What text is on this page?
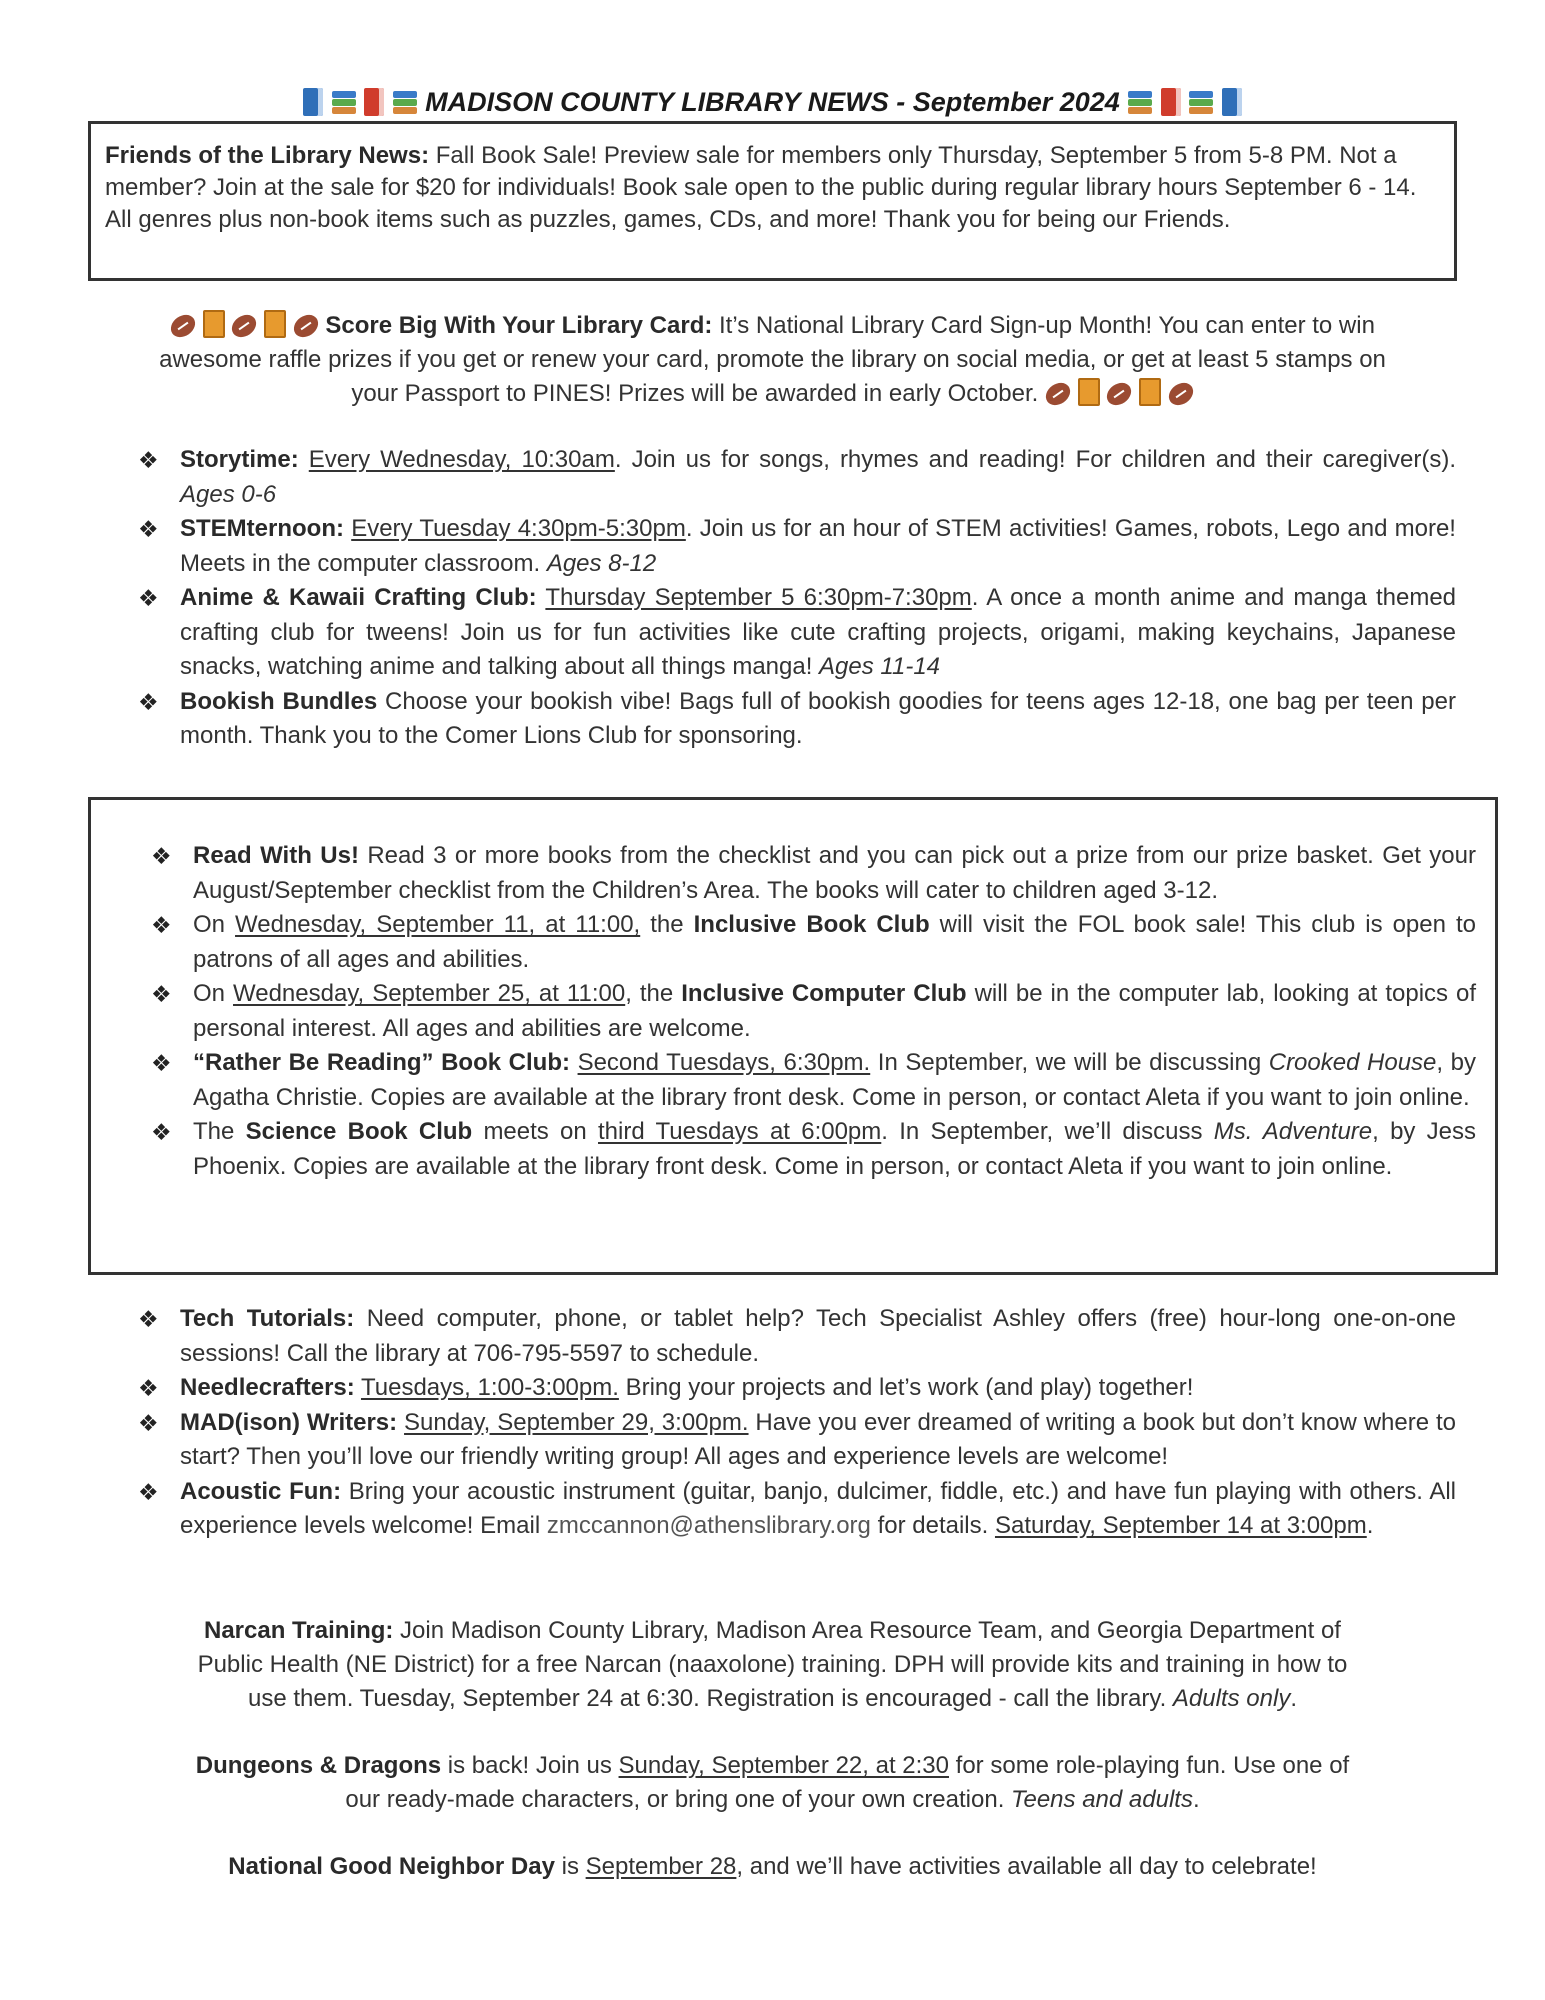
MADISON COUNTY LIBRARY NEWS - September 2024

Friends of the Library News: Fall Book Sale! Preview sale for members only Thursday, September 5 from 5-8 PM. Not a member? Join at the sale for $20 for individuals! Book sale open to the public during regular library hours September 6 - 14. All genres plus non-book items such as puzzles, games, CDs, and more! Thank you for being our Friends.

Score Big With Your Library Card: It’s National Library Card Sign-up Month! You can enter to win
awesome raffle prizes if you get or renew your card, promote the library on social media, or get at least 5 stamps on
your Passport to PINES! Prizes will be awarded in early October.
❖ Storytime: Every Wednesday, 10:30am. Join us for songs, rhymes and reading! For children and their caregiver(s). Ages 0-6
❖ STEMternoon: Every Tuesday 4:30pm-5:30pm. Join us for an hour of STEM activities! Games, robots, Lego and more! Meets in the computer classroom. Ages 8-12
❖ Anime & Kawaii Crafting Club: Thursday September 5 6:30pm-7:30pm. A once a month anime and manga themed crafting club for tweens! Join us for fun activities like cute crafting projects, origami, making keychains, Japanese snacks, watching anime and talking about all things manga! Ages 11-14
❖ Bookish Bundles Choose your bookish vibe! Bags full of bookish goodies for teens ages 12-18, one bag per teen per month. Thank you to the Comer Lions Club for sponsoring.
❖ Read With Us! Read 3 or more books from the checklist and you can pick out a prize from our prize basket. Get your August/September checklist from the Children’s Area. The books will cater to children aged 3-12.
❖ On Wednesday, September 11, at 11:00, the Inclusive Book Club will visit the FOL book sale! This club is open to patrons of all ages and abilities.
❖ On Wednesday, September 25, at 11:00, the Inclusive Computer Club will be in the computer lab, looking at topics of personal interest. All ages and abilities are welcome.
❖ “Rather Be Reading” Book Club: Second Tuesdays, 6:30pm. In September, we will be discussing Crooked House, by Agatha Christie. Copies are available at the library front desk. Come in person, or contact Aleta if you want to join online.
❖ The Science Book Club meets on third Tuesdays at 6:00pm. In September, we’ll discuss Ms. Adventure, by Jess Phoenix. Copies are available at the library front desk. Come in person, or contact Aleta if you want to join online.
❖ Tech Tutorials: Need computer, phone, or tablet help? Tech Specialist Ashley offers (free) hour-long one-on-one sessions! Call the library at 706-795-5597 to schedule.
❖ Needlecrafters: Tuesdays, 1:00-3:00pm. Bring your projects and let’s work (and play) together!
❖ MAD(ison) Writers: Sunday, September 29, 3:00pm. Have you ever dreamed of writing a book but don’t know where to start? Then you’ll love our friendly writing group! All ages and experience levels are welcome!
❖ Acoustic Fun: Bring your acoustic instrument (guitar, banjo, dulcimer, fiddle, etc.) and have fun playing with others. All experience levels welcome! Email zmccannon@athenslibrary.org for details. Saturday, September 14 at 3:00pm.
Narcan Training: Join Madison County Library, Madison Area Resource Team, and Georgia Department of
Public Health (NE District) for a free Narcan (naaxolone) training. DPH will provide kits and training in how to
use them. Tuesday, September 24 at 6:30. Registration is encouraged - call the library. Adults only.
Dungeons & Dragons is back! Join us Sunday, September 22, at 2:30 for some role-playing fun. Use one of
our ready-made characters, or bring one of your own creation. Teens and adults.
National Good Neighbor Day is September 28, and we’ll have activities available all day to celebrate!
